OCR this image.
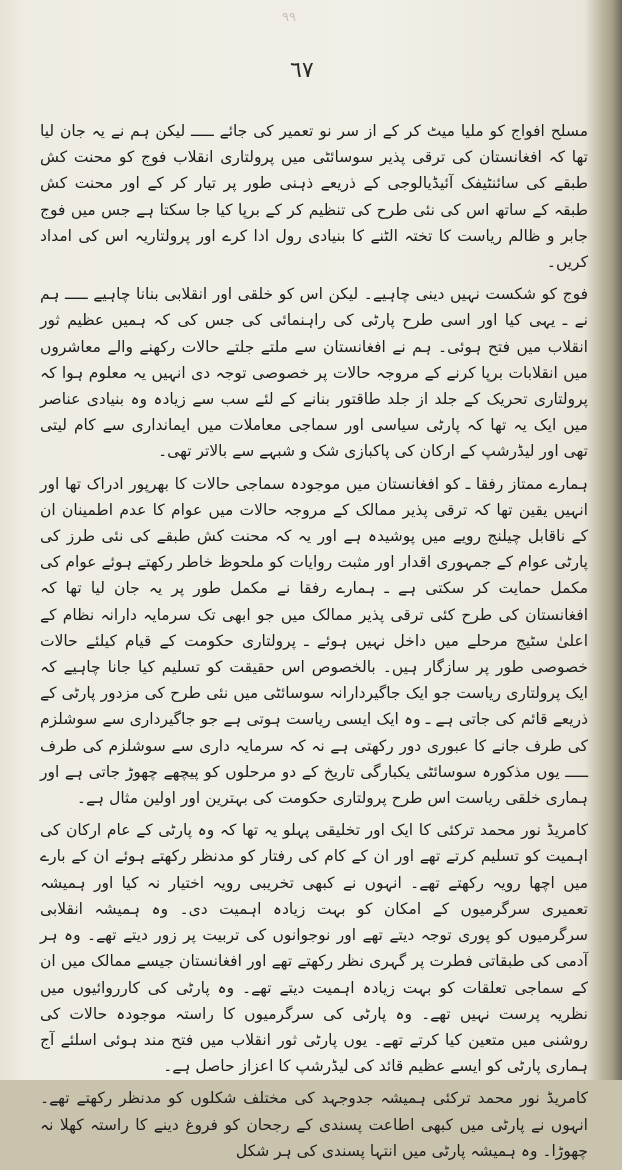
٩٩
٦٧

مسلح افواج کو ملیا میٹ کر کے از سر نو تعمیر کی جائے ـــــ لیکن ہم نے یہ جان لیا تھا کہ افغانستان کی ترقی پذیر سوسائٹی میں پرولتاری انقلاب فوج کو محنت کش طبقے کی سائنٹیفک آئیڈیالوجی کے ذریعے ذہنی طور پر تیار کر کے اور محنت کش طبقہ کے ساتھ اس کی نئی طرح کی تنظیم کر کے برپا کیا جا سکتا ہے جس میں فوج جابر و ظالم ریاست کا تختہ الٹنے کا بنیادی رول ادا کرے اور پرولتاریہ اس کی امداد کریں۔

فوج کو شکست نہیں دینی چاہیے۔ لیکن اس کو خلقی اور انقلابی بنانا چاہیے ـــــ ہم نے ـ یہی کیا اور اسی طرح پارٹی کی راہنمائی کی جس کی کہ ہمیں عظیم ثور انقلاب میں فتح ہوئی۔ ہم نے افغانستان سے ملتے جلتے حالات رکھنے والے معاشروں میں انقلابات برپا کرنے کے مروجہ حالات پر خصوصی توجہ دی انہیں یہ معلوم ہوا کہ پرولتاری تحریک کے جلد از جلد طاقتور بنانے کے لئے سب سے زیادہ وہ بنیادی عناصر میں ایک یہ تھا کہ پارٹی سیاسی اور سماجی معاملات میں ایمانداری سے کام لیتی تھی اور لیڈرشپ کے ارکان کی پاکبازی شک و شبہے سے بالاتر تھی۔

ہمارے ممتاز رفقا ـ کو افغانستان میں موجودہ سماجی حالات کا بھرپور ادراک تھا اور انہیں یقین تھا کہ ترقی پذیر ممالک کے مروجہ حالات میں عوام کا عدم اطمینان ان کے ناقابل چیلنج رویے میں پوشیدہ ہے اور یہ کہ محنت کش طبقے کی نئی طرز کی پارٹی عوام کے جمہوری اقدار اور مثبت روایات کو ملحوظ خاطر رکھتے ہوئے عوام کی مکمل حمایت کر سکتی ہے ـ ہمارے رفقا نے مکمل طور پر یہ جان لیا تھا کہ افغانستان کی طرح کئی ترقی پذیر ممالک میں جو ابھی تک سرمایہ دارانہ نظام کے اعلیٰ سٹیج مرحلے میں داخل نہیں ہوئے ـ پرولتاری حکومت کے قیام کیلئے حالات خصوصی طور پر سازگار ہیں۔ بالخصوص اس حقیقت کو تسلیم کیا جانا چاہیے کہ ایک پرولتاری ریاست جو ایک جاگیردارانہ سوسائٹی میں نئی طرح کی مزدور پارٹی کے ذریعے قائم کی جاتی ہے ـ وہ ایک ایسی ریاست ہوتی ہے جو جاگیرداری سے سوشلزم کی طرف جانے کا عبوری دور رکھتی ہے نہ کہ سرمایہ داری سے سوشلزم کی طرف ـــــ یوں مذکورہ سوسائٹی یکبارگی تاریخ کے دو مرحلوں کو پیچھے چھوڑ جاتی ہے اور ہماری خلقی ریاست اس طرح پرولتاری حکومت کی بہترین اور اولین مثال ہے۔

کامریڈ نور محمد ترکئی کا ایک اور تخلیقی پہلو یہ تھا کہ وہ پارٹی کے عام ارکان کی اہمیت کو تسلیم کرتے تھے اور ان کے کام کی رفتار کو مدنظر رکھتے ہوئے ان کے بارے میں اچھا رویہ رکھتے تھے۔ انہوں نے کبھی تخریبی رویہ اختیار نہ کیا اور ہمیشہ تعمیری سرگرمیوں کے امکان کو بہت زیادہ اہمیت دی۔ وہ ہمیشہ انقلابی سرگرمیوں کو پوری توجہ دیتے تھے اور نوجوانوں کی تربیت پر زور دیتے تھے۔ وہ ہر آدمی کی طبقاتی فطرت پر گہری نظر رکھتے تھے اور افغانستان جیسے ممالک میں ان کے سماجی تعلقات کو بہت زیادہ اہمیت دیتے تھے۔ وہ پارٹی کی کارروائیوں میں نظریہ پرست نہیں تھے۔ وہ پارٹی کی سرگرمیوں کا راستہ موجودہ حالات کی روشنی میں متعین کیا کرتے تھے۔ یوں پارٹی ثور انقلاب میں فتح مند ہوئی اسلئے آج ہماری پارٹی کو ایسے عظیم قائد کی لیڈرشپ کا اعزاز حاصل ہے۔

کامریڈ نور محمد ترکئی ہمیشہ جدوجہد کی مختلف شکلوں کو مدنظر رکھتے تھے۔ انہوں نے پارٹی میں کبھی اطاعت پسندی کے رجحان کو فروغ دینے کا راستہ کھلا نہ چھوڑا۔ وہ ہمیشہ پارٹی میں انتہا پسندی کی ہر شکل
